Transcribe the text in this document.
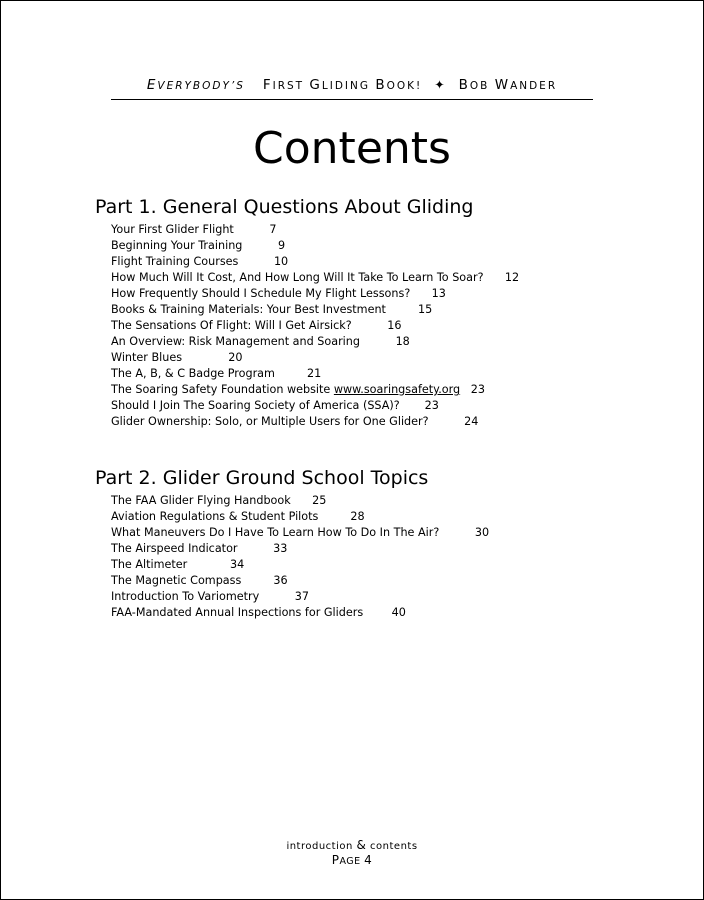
EVERYBODY’S FIRST GLIDING BOOK! ✦ BOB WANDER
Contents
Part 1. General Questions About Gliding
Your First Glider Flight	7
Beginning Your Training	9
Flight Training Courses	10
How Much Will It Cost, And How Long Will It Take To Learn To Soar? 12
How Frequently Should I Schedule My Flight Lessons? 13
Books & Training Materials: Your Best Investment	15
The Sensations Of Flight: Will I Get Airsick?	16
An Overview: Risk Management and Soaring	18
Winter Blues	20
The A, B, & C Badge Program	21
The Soaring Safety Foundation website www.soaringsafety.org 23
Should I Join The Soaring Society of America (SSA)? 23
Glider Ownership: Solo, or Multiple Users for One Glider?	24
Part 2. Glider Ground School Topics
The FAA Glider Flying Handbook 25
Aviation Regulations & Student Pilots	28
What Maneuvers Do I Have To Learn How To Do In The Air?	30
The Airspeed Indicator	33
The Altimeter	34
The Magnetic Compass	36
Introduction To Variometry	37
FAA-Mandated Annual Inspections for Gliders	40
introduction & contents
PAGE 4
